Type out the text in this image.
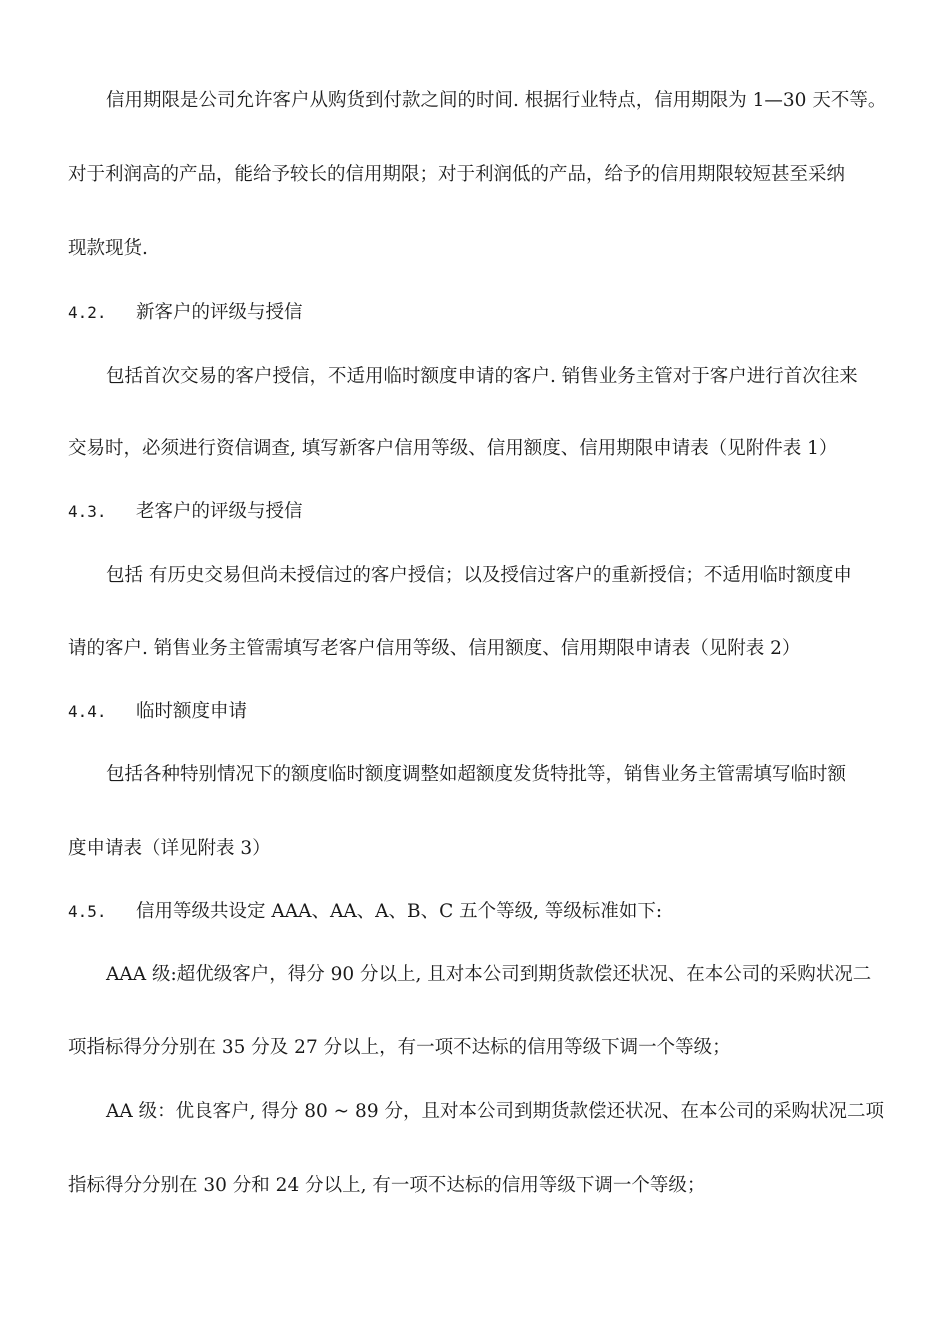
信用期限是公司允许客户从购货到付款之间的时间. 根据行业特点，信用期限为 1—30 天不等。
对于利润高的产品，能给予较长的信用期限；对于利润低的产品，给予的信用期限较短甚至采纳
现款现货.
4.2. 新客户的评级与授信
包括首次交易的客户授信，不适用临时额度申请的客户. 销售业务主管对于客户进行首次往来
交易时，必须进行资信调查, 填写新客户信用等级、信用额度、信用期限申请表（见附件表 1）
4.3. 老客户的评级与授信
包括 有历史交易但尚未授信过的客户授信；以及授信过客户的重新授信；不适用临时额度申
请的客户. 销售业务主管需填写老客户信用等级、信用额度、信用期限申请表（见附表 2）
4.4. 临时额度申请
包括各种特别情况下的额度临时额度调整如超额度发货特批等，销售业务主管需填写临时额
度申请表（详见附表 3）
4.5. 信用等级共设定 AAA、AA、A、B、C 五个等级, 等级标准如下:
AAA 级:超优级客户，得分 90 分以上, 且对本公司到期货款偿还状况、在本公司的采购状况二
项指标得分分别在 35 分及 27 分以上，有一项不达标的信用等级下调一个等级；
AA 级：优良客户, 得分 80 ~ 89 分，且对本公司到期货款偿还状况、在本公司的采购状况二项
指标得分分别在 30 分和 24 分以上, 有一项不达标的信用等级下调一个等级；
